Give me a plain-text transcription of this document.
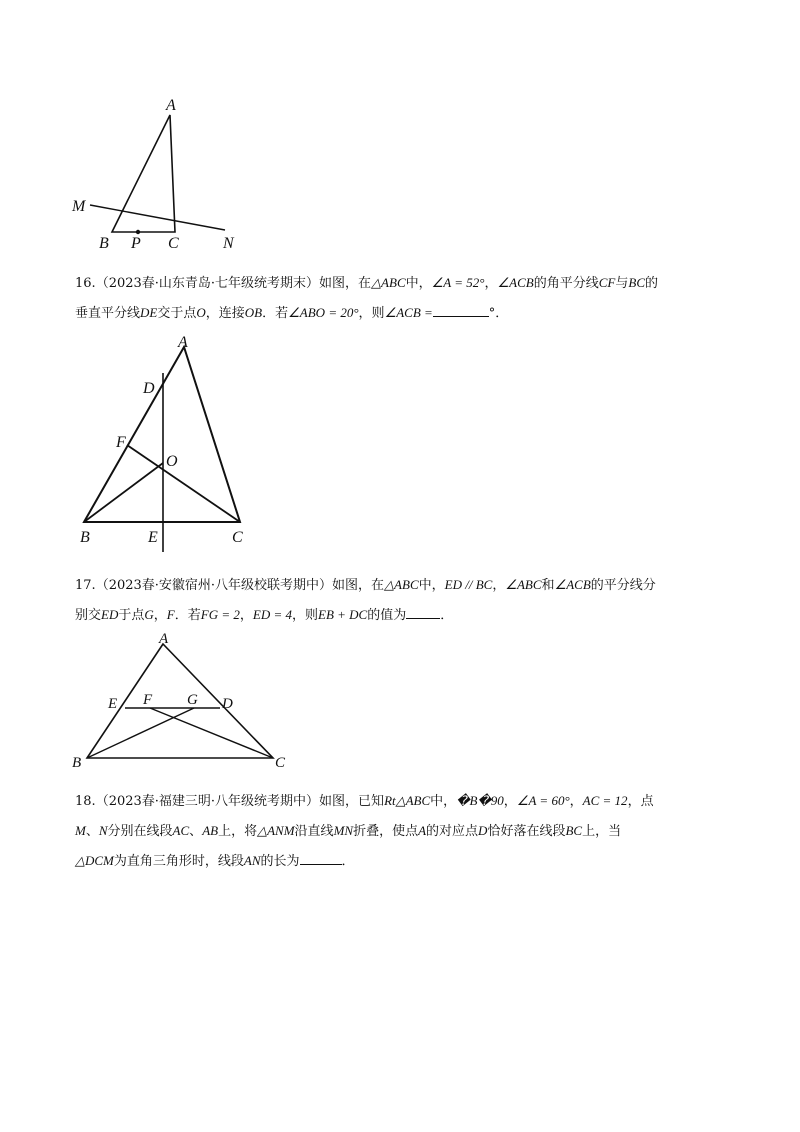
A
M
B P C	N

16.（2023春·山东青岛·七年级统考期末）如图，在△ABC中，∠A = 52°，∠ACB的角平分线CF与BC的

垂直平分线DE交于点O，连接OB．若∠ABO = 20°，则∠ACB =	°．

A
D
F
O
B	E	C

17.（2023春·安徽宿州·八年级校联考期中）如图，在△ABC中，ED // BC，∠ABC和∠ACB的平分线分

别交ED于点G，F．若FG = 2，ED = 4，则EB + DC的值为	．

A
E F G D
B	C

18.（2023春·福建三明·八年级统考期中）如图，已知Rt△ABC中，�B�90，∠A = 60°，AC = 12，点

M、N分别在线段AC、AB上，将△ANM沿直线MN折叠，使点A的对应点D恰好落在线段BC上，当

△DCM为直角三角形时，线段AN的长为	．
